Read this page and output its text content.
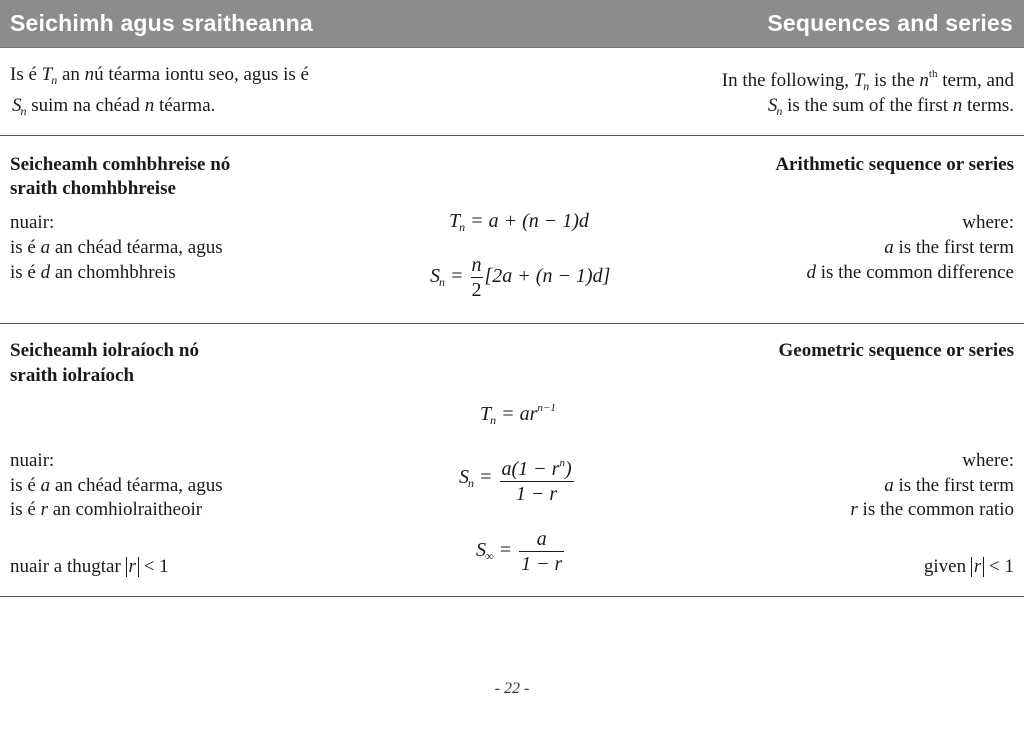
Seichimh agus sraitheanna	Sequences and series
Is é $T_n$ an nú téarma iontu seo, agus is é
$S_n$ suim na chéad n téarma.
In the following, $T_n$ is the $n^{th}$ term, and
$S_n$ is the sum of the first n terms.
Seicheamh comhbhreise nó
sraith chomhbhreise
Arithmetic sequence or series
nuair:
is é a an chéad téarma, agus
is é d an chomhbhreis
where:
a is the first term
d is the common difference
$T_n = a + (n - 1)d$
$S_n = \frac{n}{2} [2a + (n - 1)d]$
Seicheamh iolraíoch nó
sraith iolraíoch
Geometric sequence or series
$T_n = ar^{n-1}$
nuair:
is é a an chéad téarma, agus
is é r an comhiolraitheoir
nuair a thugtar r < 1
where:
a is the first term
r is the common ratio
given r < 1
$S_n = \frac{a(1 - r^n)}{1 - r}$
$S_\infty = \frac{a}{1 - r}$
- 22 -
